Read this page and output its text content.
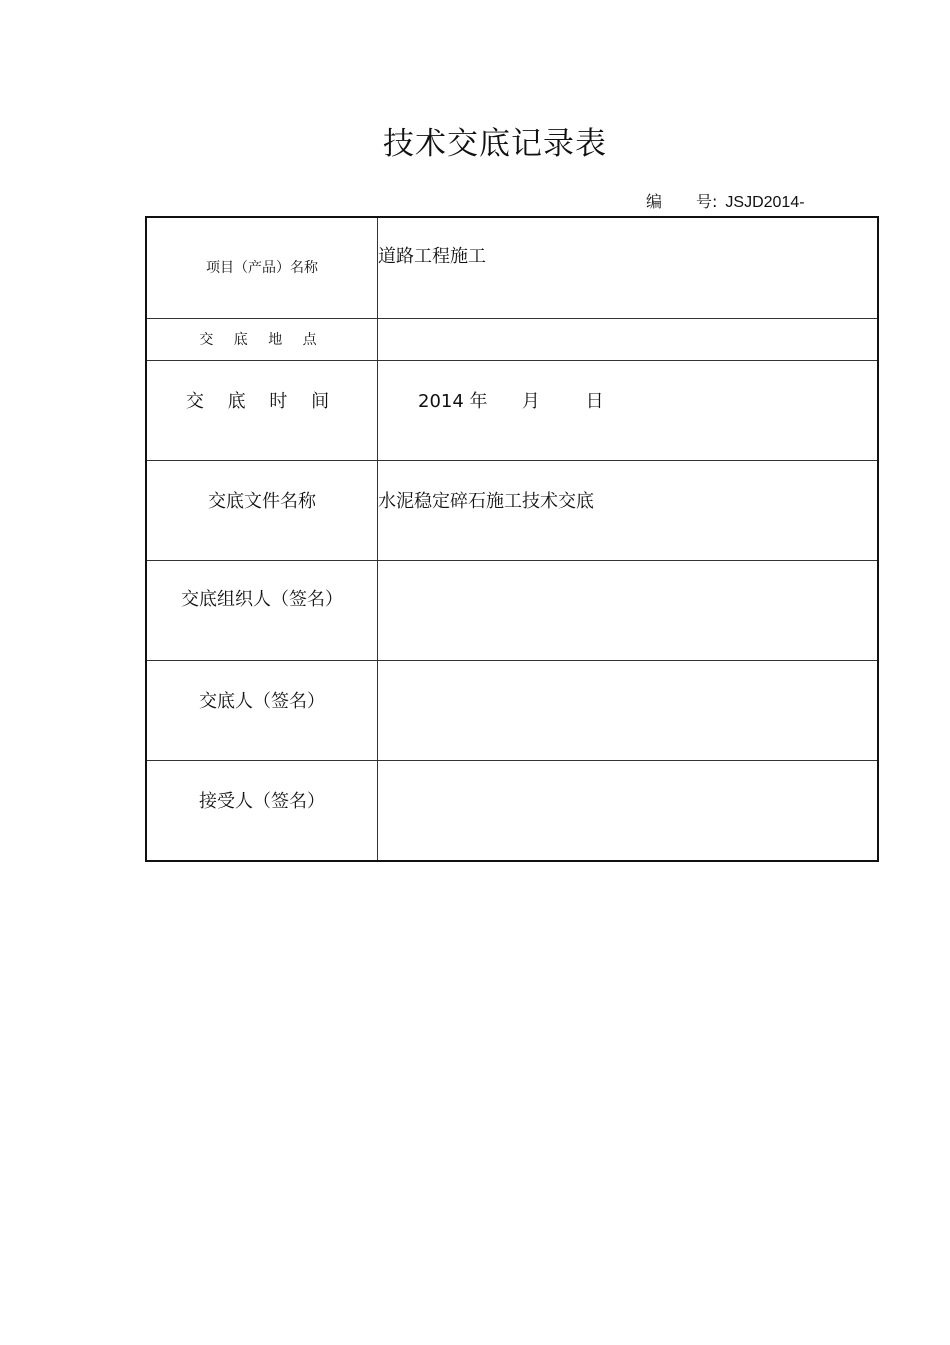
技术交底记录表
编 号: JSJD2014-
项目（产品）名称	道路工程施工

交 底 地 点	

交 底 时 间	2014 年      月        日

交底文件名称	水泥稳定碎石施工技术交底

交底组织人（签名）	

交底人（签名）	

接受人（签名）	
